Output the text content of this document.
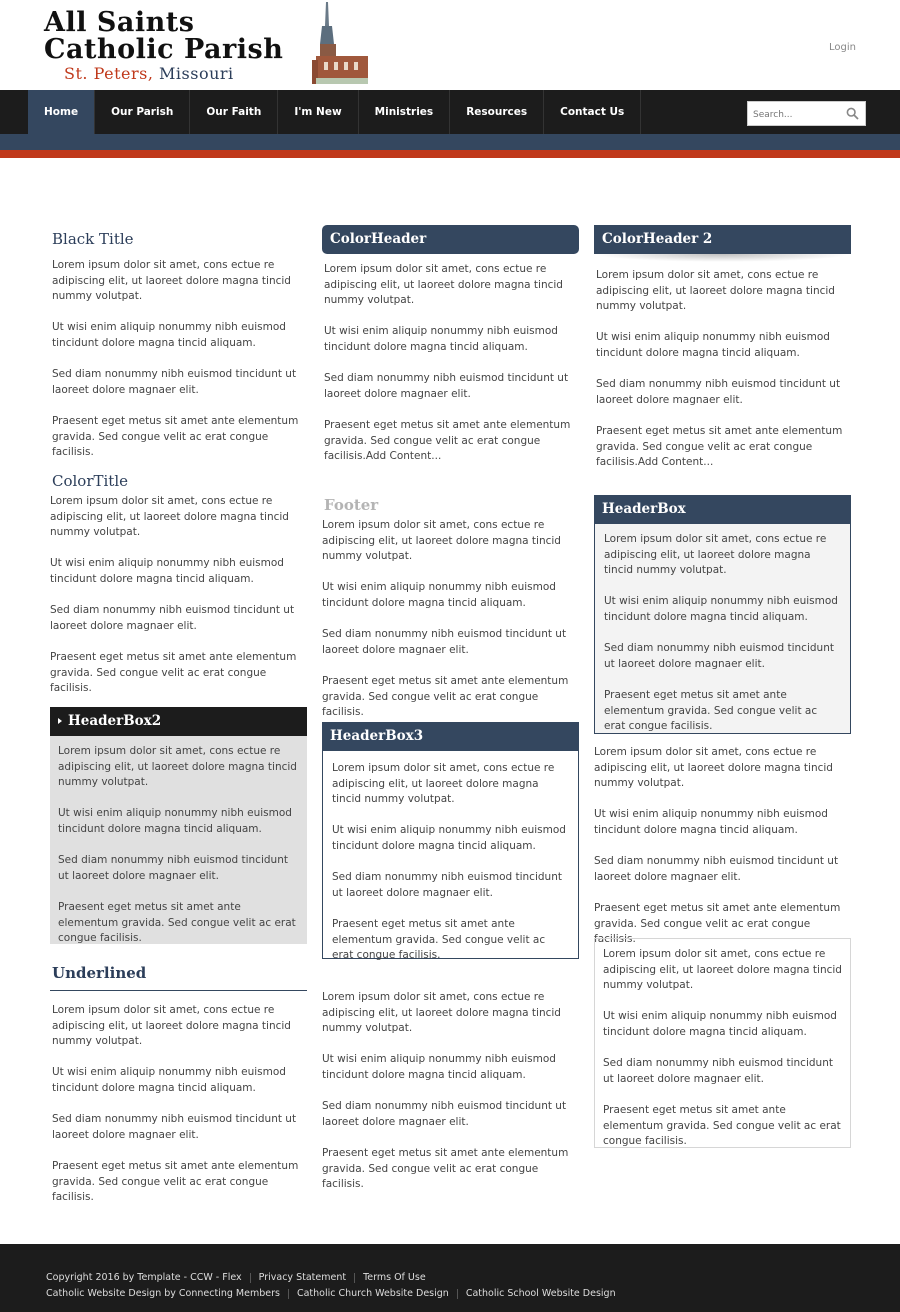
All Saints
Catholic Parish
St. Peters, Missouri
Login
Home	Our Parish	Our Faith	I'm New	Ministries	Resources	Contact Us
Search...
Black Title

Lorem ipsum dolor sit amet, cons ectue re adipiscing elit, ut laoreet dolore magna tincid nummy volutpat.

Ut wisi enim aliquip nonummy nibh euismod tincidunt dolore magna tincid aliquam.

Sed diam nonummy nibh euismod tincidunt ut laoreet dolore magnaer elit.

Praesent eget metus sit amet ante elementum gravida. Sed congue velit ac erat congue facilisis.

ColorTitle

Lorem ipsum dolor sit amet, cons ectue re adipiscing elit, ut laoreet dolore magna tincid nummy volutpat.

Ut wisi enim aliquip nonummy nibh euismod tincidunt dolore magna tincid aliquam.

Sed diam nonummy nibh euismod tincidunt ut laoreet dolore magnaer elit.

Praesent eget metus sit amet ante elementum gravida. Sed congue velit ac erat congue facilisis.

HeaderBox2

Lorem ipsum dolor sit amet, cons ectue re adipiscing elit, ut laoreet dolore magna tincid nummy volutpat.

Ut wisi enim aliquip nonummy nibh euismod tincidunt dolore magna tincid aliquam.

Sed diam nonummy nibh euismod tincidunt ut laoreet dolore magnaer elit.

Praesent eget metus sit amet ante elementum gravida. Sed congue velit ac erat congue facilisis.

Underlined

Lorem ipsum dolor sit amet, cons ectue re adipiscing elit, ut laoreet dolore magna tincid nummy volutpat.

Ut wisi enim aliquip nonummy nibh euismod tincidunt dolore magna tincid aliquam.

Sed diam nonummy nibh euismod tincidunt ut laoreet dolore magnaer elit.

Praesent eget metus sit amet ante elementum gravida. Sed congue velit ac erat congue facilisis.

ColorHeader

Lorem ipsum dolor sit amet, cons ectue re adipiscing elit, ut laoreet dolore magna tincid nummy volutpat.

Ut wisi enim aliquip nonummy nibh euismod tincidunt dolore magna tincid aliquam.

Sed diam nonummy nibh euismod tincidunt ut laoreet dolore magnaer elit.

Praesent eget metus sit amet ante elementum gravida. Sed congue velit ac erat congue facilisis.Add Content...

Footer

Lorem ipsum dolor sit amet, cons ectue re adipiscing elit, ut laoreet dolore magna tincid nummy volutpat.

Ut wisi enim aliquip nonummy nibh euismod tincidunt dolore magna tincid aliquam.

Sed diam nonummy nibh euismod tincidunt ut laoreet dolore magnaer elit.

Praesent eget metus sit amet ante elementum gravida. Sed congue velit ac erat congue facilisis.

HeaderBox3

Lorem ipsum dolor sit amet, cons ectue re adipiscing elit, ut laoreet dolore magna tincid nummy volutpat.

Ut wisi enim aliquip nonummy nibh euismod tincidunt dolore magna tincid aliquam.

Sed diam nonummy nibh euismod tincidunt ut laoreet dolore magnaer elit.

Praesent eget metus sit amet ante elementum gravida. Sed congue velit ac erat congue facilisis.

Lorem ipsum dolor sit amet, cons ectue re adipiscing elit, ut laoreet dolore magna tincid nummy volutpat.

Ut wisi enim aliquip nonummy nibh euismod tincidunt dolore magna tincid aliquam.

Sed diam nonummy nibh euismod tincidunt ut laoreet dolore magnaer elit.

Praesent eget metus sit amet ante elementum gravida. Sed congue velit ac erat congue facilisis.

ColorHeader 2

Lorem ipsum dolor sit amet, cons ectue re adipiscing elit, ut laoreet dolore magna tincid nummy volutpat.

Ut wisi enim aliquip nonummy nibh euismod tincidunt dolore magna tincid aliquam.

Sed diam nonummy nibh euismod tincidunt ut laoreet dolore magnaer elit.

Praesent eget metus sit amet ante elementum gravida. Sed congue velit ac erat congue facilisis.Add Content...

HeaderBox

Lorem ipsum dolor sit amet, cons ectue re adipiscing elit, ut laoreet dolore magna tincid nummy volutpat.

Ut wisi enim aliquip nonummy nibh euismod tincidunt dolore magna tincid aliquam.

Sed diam nonummy nibh euismod tincidunt ut laoreet dolore magnaer elit.

Praesent eget metus sit amet ante elementum gravida. Sed congue velit ac erat congue facilisis.

Lorem ipsum dolor sit amet, cons ectue re adipiscing elit, ut laoreet dolore magna tincid nummy volutpat.

Ut wisi enim aliquip nonummy nibh euismod tincidunt dolore magna tincid aliquam.

Sed diam nonummy nibh euismod tincidunt ut laoreet dolore magnaer elit.

Praesent eget metus sit amet ante elementum gravida. Sed congue velit ac erat congue facilisis.

Lorem ipsum dolor sit amet, cons ectue re adipiscing elit, ut laoreet dolore magna tincid nummy volutpat.

Ut wisi enim aliquip nonummy nibh euismod tincidunt dolore magna tincid aliquam.

Sed diam nonummy nibh euismod tincidunt ut laoreet dolore magnaer elit.

Praesent eget metus sit amet ante elementum gravida. Sed congue velit ac erat congue facilisis.

Copyright 2016 by Template - CCW - Flex Privacy Statement Terms Of Use
Catholic Website Design by Connecting Members Catholic Church Website Design Catholic School Website Design
